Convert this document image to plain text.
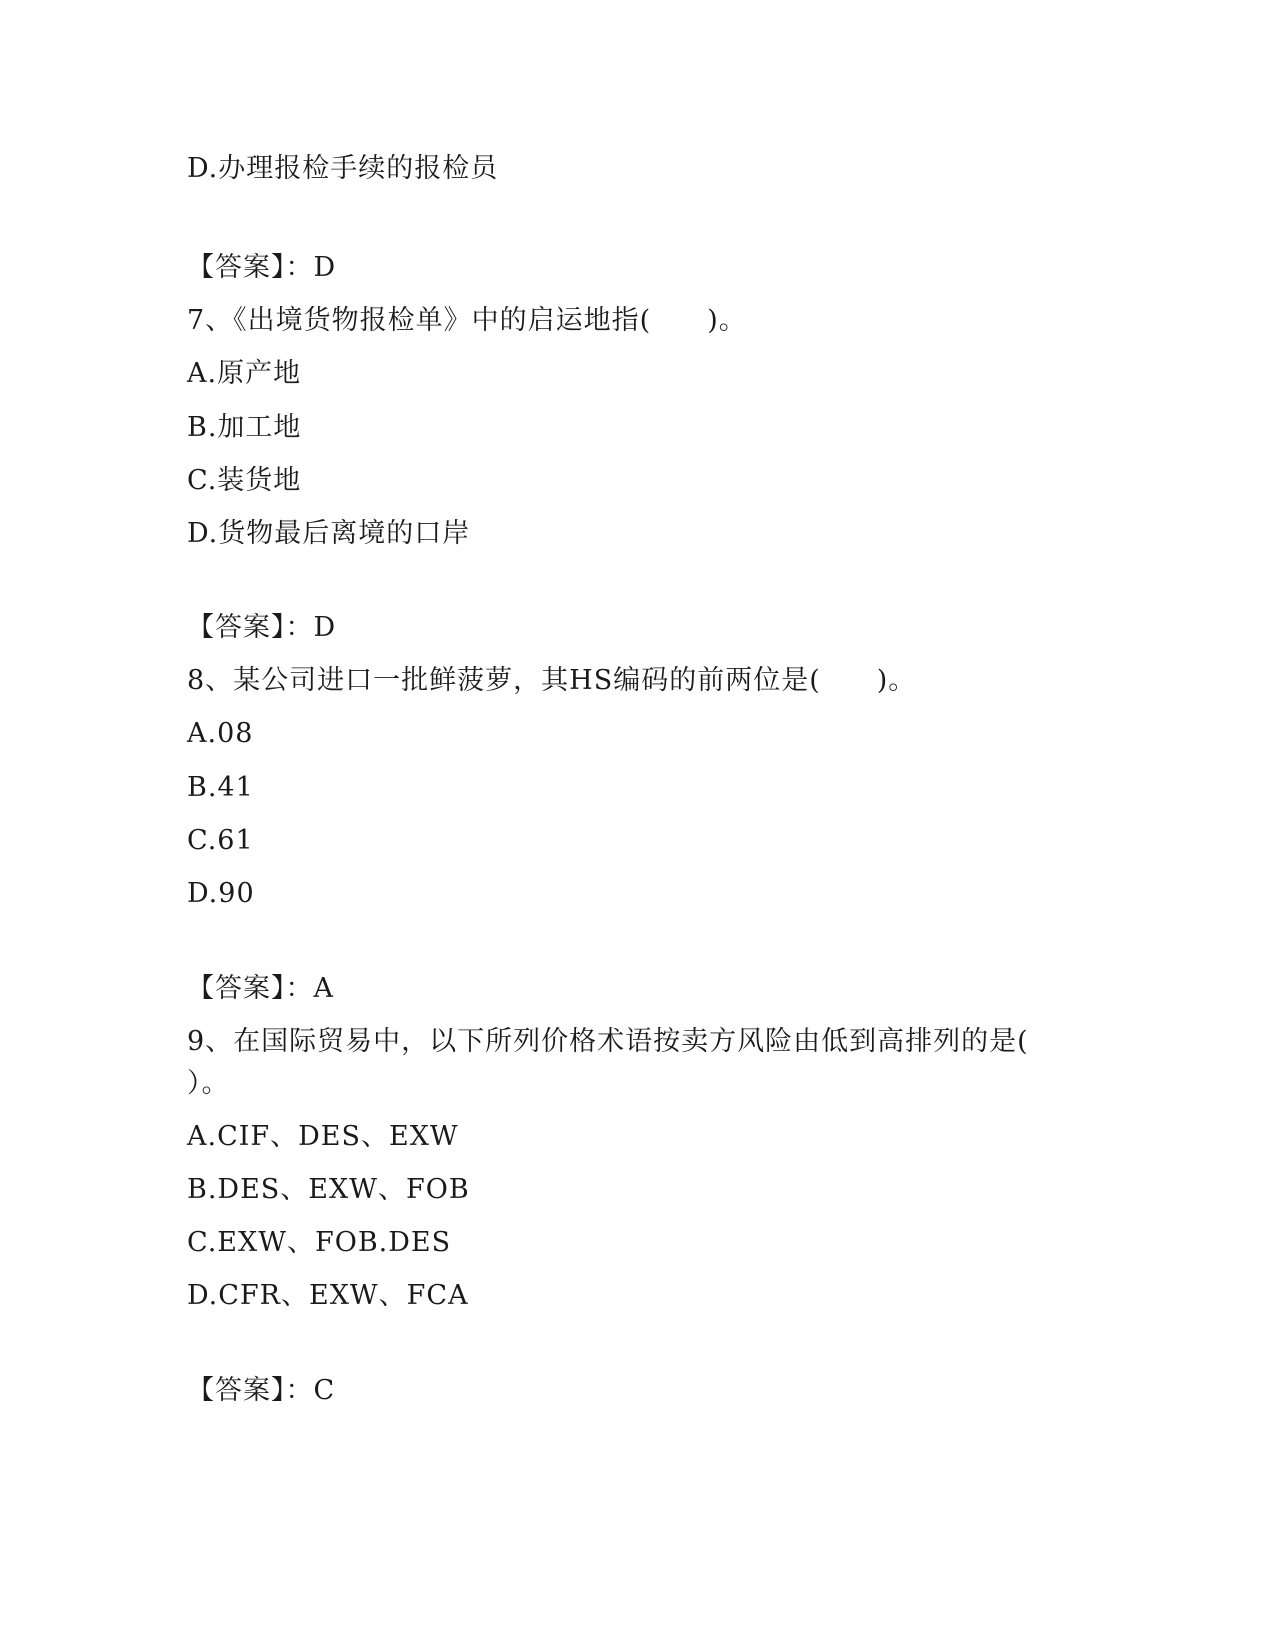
D.办理报检手续的报检员
【答案】：D
7、《出境货物报检单》中的启运地指(　　)。
A.原产地
B.加工地
C.装货地
D.货物最后离境的口岸
【答案】：D
8、某公司进口一批鲜菠萝，其HS编码的前两位是(　　)。
A.08
B.41
C.61
D.90
【答案】：A
9、在国际贸易中，以下所列价格术语按卖方风险由低到高排列的是(
）。
A.CIF、DES、EXW
B.DES、EXW、FOB
C.EXW、FOB.DES
D.CFR、EXW、FCA
【答案】：C
